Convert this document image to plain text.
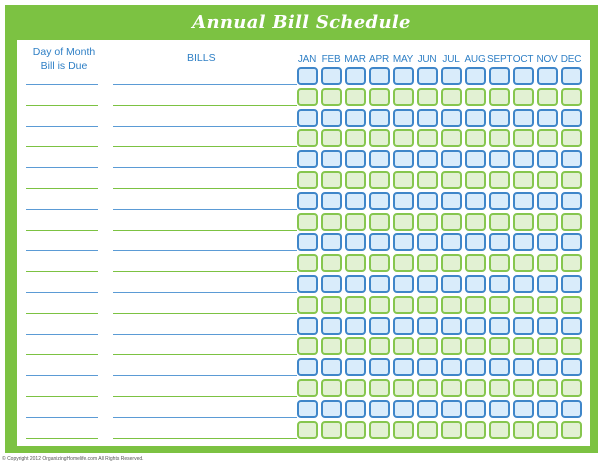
Annual Bill Schedule
Day of Month
Bill is Due
BILLS	JAN FEB MAR APR MAY JUN JUL AUG SEPT OCT NOV DEC
© Copyright 2012 OrganizingHomelife.com All Rights Reserved.
